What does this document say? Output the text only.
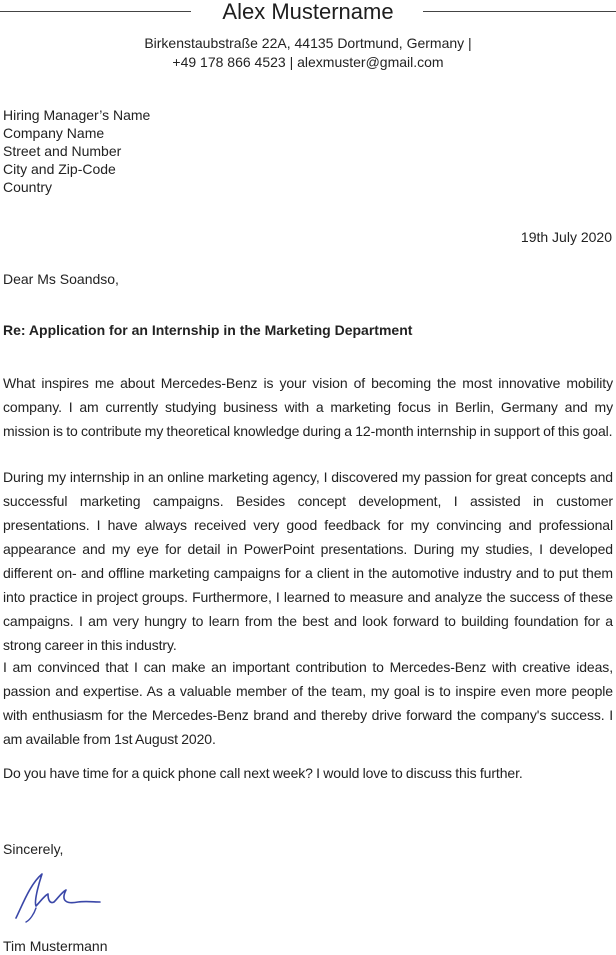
Alex Mustername
Birkenstaubstraße 22A, 44135 Dortmund, Germany |
+49 178 866 4523 | alexmuster@gmail.com
Hiring Manager’s Name
Company Name
Street and Number
City and Zip-Code
Country
19th July 2020
Dear Ms Soandso,
Re: Application for an Internship in the Marketing Department
What inspires me about Mercedes-Benz is your vision of becoming the most innovative mobility company. I am currently studying business with a marketing focus in Berlin, Germany and my mission is to contribute my theoretical knowledge during a 12-month internship in support of this goal.
During my internship in an online marketing agency, I discovered my passion for great concepts and successful marketing campaigns. Besides concept development, I assisted in customer presentations. I have always received very good feedback for my convincing and professional appearance and my eye for detail in PowerPoint presentations. During my studies, I developed different on- and offline marketing campaigns for a client in the automotive industry and to put them into practice in project groups. Furthermore, I learned to measure and analyze the success of these campaigns. I am very hungry to learn from the best and look forward to building foundation for a strong career in this industry.
I am convinced that I can make an important contribution to Mercedes-Benz with creative ideas, passion and expertise. As a valuable member of the team, my goal is to inspire even more people with enthusiasm for the Mercedes-Benz brand and thereby drive forward the company's success. I am available from 1st August 2020.
Do you have time for a quick phone call next week? I would love to discuss this further.
Sincerely,
Tim Mustermann
